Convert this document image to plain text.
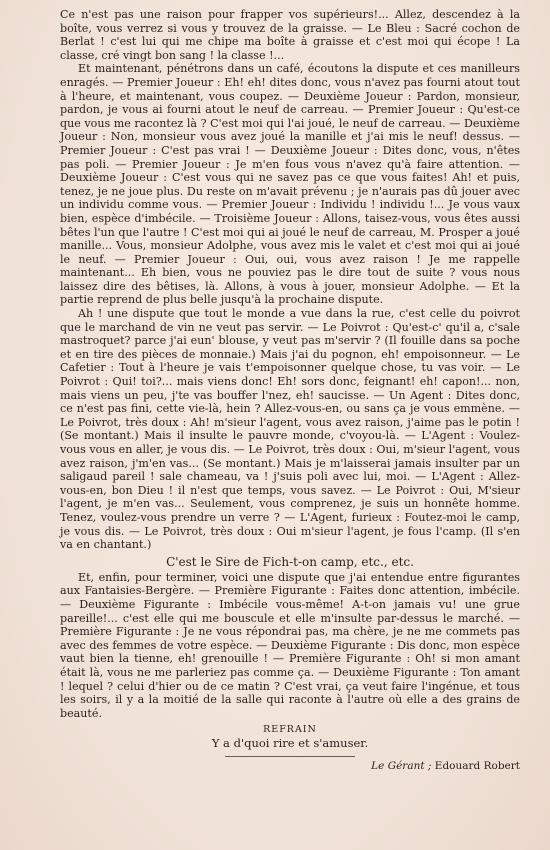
Ce n'est pas une raison pour frapper vos supérieurs!... Allez, descendez à la boîte, vous verrez si vous y trouvez de la graisse. — Le Bleu : Sacré cochon de Berlat ! c'est lui qui me chipe ma boîte à graisse et c'est moi qui écope ! La classe, cré vingt bon sang ! la classe !...

Et maintenant, pénétrons dans un café, écoutons la dispute et ces manilleurs enragés. — Premier Joueur : Eh! eh! dites donc, vous n'avez pas fourni atout tout à l'heure, et maintenant, vous coupez. — Deuxième Joueur : Pardon, monsieur, pardon, je vous ai fourni atout le neuf de carreau. — Premier Joueur : Qu'est-ce que vous me racontez là ? C'est moi qui l'ai joué, le neuf de carreau. — Deuxième Joueur : Non, monsieur vous avez joué la manille et j'ai mis le neuf! dessus. — Premier Joueur : C'est pas vrai ! — Deuxième Joueur : Dites donc, vous, n'êtes pas poli. — Premier Joueur : Je m'en fous vous n'avez qu'à faire attention. — Deuxième Joueur : C'est vous qui ne savez pas ce que vous faites! Ah! et puis, tenez, je ne joue plus. Du reste on m'avait prévenu ; je n'aurais pas dû jouer avec un individu comme vous. — Premier Joueur : Individu ! individu !... Je vous vaux bien, espèce d'imbécile. — Troisième Joueur : Allons, taisez-vous, vous êtes aussi bêtes l'un que l'autre ! C'est moi qui ai joué le neuf de carreau, M. Prosper a joué manille... Vous, monsieur Adolphe, vous avez mis le valet et c'est moi qui ai joué le neuf. — Premier Joueur : Oui, oui, vous avez raison ! Je me rappelle maintenant... Eh bien, vous ne pouviez pas le dire tout de suite ? vous nous laissez dire des bêtises, là. Allons, à vous à jouer, monsieur Adolphe. — Et la partie reprend de plus belle jusqu'à la prochaine dispute.

Ah ! une dispute que tout le monde a vue dans la rue, c'est celle du poivrot que le marchand de vin ne veut pas servir. — Le Poivrot : Qu'est-c' qu'il a, c'sale mastroquet? parce j'ai eun' blouse, y veut pas m'servir ? (Il fouille dans sa poche et en tire des pièces de monnaie.) Mais j'ai du pognon, eh! empoisonneur. — Le Cafetier : Tout à l'heure je vais t'empoisonner quelque chose, tu vas voir. — Le Poivrot : Qui! toi?... mais viens donc! Eh! sors donc, feignant! eh! capon!... non, mais viens un peu, j'te vas bouffer l'nez, eh! saucisse. — Un Agent : Dites donc, ce n'est pas fini, cette vie-là, hein ? Allez-vous-en, ou sans ça je vous emmène. — Le Poivrot, très doux : Ah! m'sieur l'agent, vous avez raison, j'aime pas le potin ! (Se montant.) Mais il insulte le pauvre monde, c'voyou-là. — L'Agent : Voulez-vous vous en aller, je vous dis. — Le Poivrot, très doux : Oui, m'sieur l'agent, vous avez raison, j'm'en vas... (Se montant.) Mais je m'laisserai jamais insulter par un saligaud pareil ! sale chameau, va ! j'suis poli avec lui, moi. — L'Agent : Allez-vous-en, bon Dieu ! il n'est que temps, vous savez. — Le Poivrot : Oui, M'sieur l'agent, je m'en vas... Seulement, vous comprenez, je suis un honnête homme. Tenez, voulez-vous prendre un verre ? — L'Agent, furieux : Foutez-moi le camp, je vous dis. — Le Poivrot, très doux : Oui m'sieur l'agent, je fous l'camp. (Il s'en va en chantant.)

C'est le Sire de Fich-t-on camp, etc., etc.

Et, enfin, pour terminer, voici une dispute que j'ai entendue entre figurantes aux Fantaisies-Bergère. — Première Figurante : Faites donc attention, imbécile. — Deuxième Figurante : Imbécile vous-même! A-t-on jamais vu! une grue pareille!... c'est elle qui me bouscule et elle m'insulte par-dessus le marché. — Première Figurante : Je ne vous répondrai pas, ma chère, je ne me commets pas avec des femmes de votre espèce. — Deuxième Figurante : Dis donc, mon espèce vaut bien la tienne, eh! grenouille ! — Première Figurante : Oh! si mon amant était là, vous ne me parleriez pas comme ça. — Deuxième Figurante : Ton amant ! lequel ? celui d'hier ou de ce matin ? C'est vrai, ça veut faire l'ingénue, et tous les soirs, il y a la moitié de la salle qui raconte à l'autre où elle a des grains de beauté.

REFRAIN
Y a d'quoi rire et s'amuser.

Le Gérant ; Edouard Robert
